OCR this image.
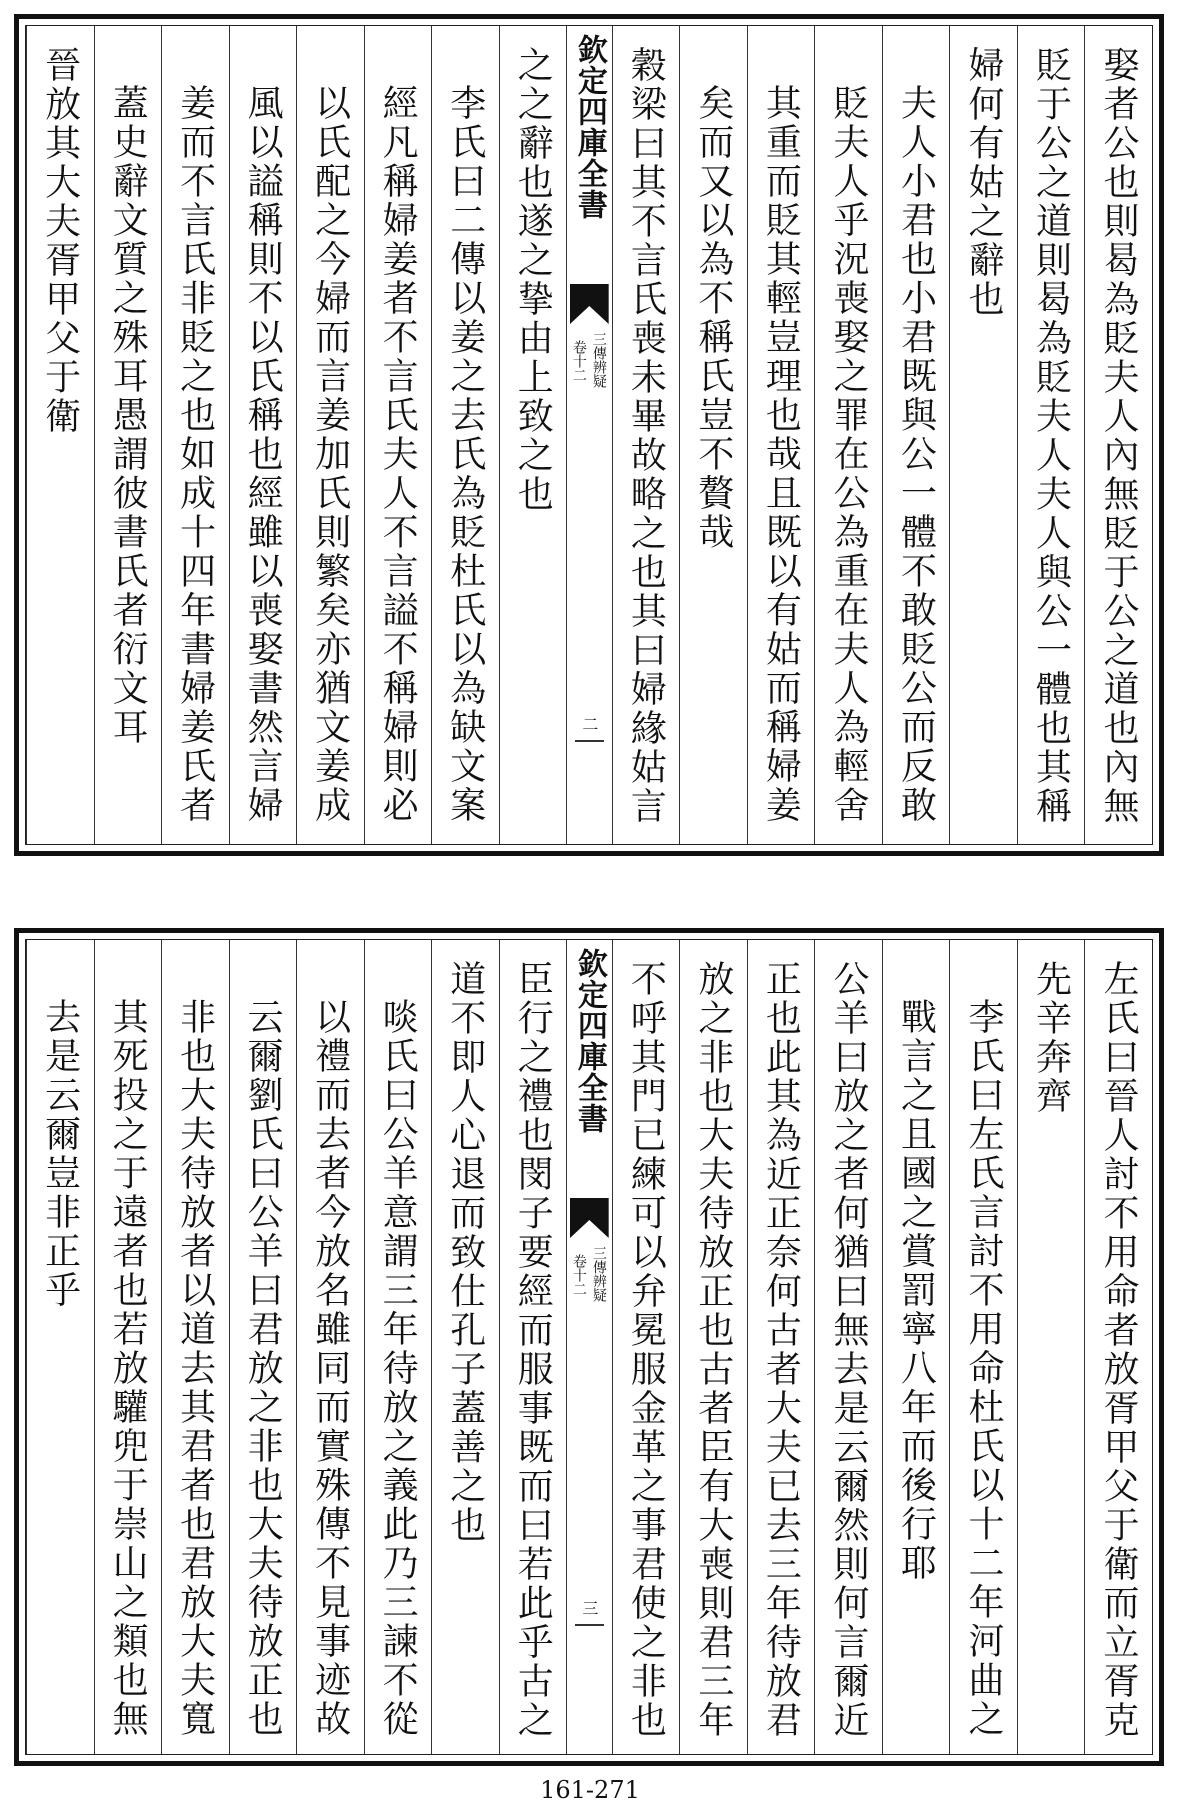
娶者公也則曷為貶夫人內無貶于公之道也內無
貶于公之道則曷為貶夫人夫人與公一體也其稱
婦何有姑之辭也
夫人小君也小君既與公一體不敢貶公而反敢
貶夫人乎況喪娶之罪在公為重在夫人為輕舍
其重而貶其輕豈理也哉且既以有姑而稱婦姜
矣而又以為不稱氏豈不贅哉
穀梁曰其不言氏喪未畢故略之也其曰婦緣姑言
欽定四庫全書
三傳辨疑
卷十二
二
之之辭也遂之挚由上致之也
李氏曰二傳以姜之去氏為貶杜氏以為缺文案
經凡稱婦姜者不言氏夫人不言謚不稱婦則必
以氏配之今婦而言姜加氏則繁矣亦猶文姜成
風以謚稱則不以氏稱也經雖以喪娶書然言婦
姜而不言氏非貶之也如成十四年書婦姜氏者
蓋史辭文質之殊耳愚謂彼書氏者衍文耳
晉放其大夫胥甲父于衛
左氏曰晉人討不用命者放胥甲父于衛而立胥克
先辛奔齊
李氏曰左氏言討不用命杜氏以十二年河曲之
戰言之且國之賞罰寧八年而後行耶
公羊曰放之者何猶曰無去是云爾然則何言爾近
正也此其為近正奈何古者大夫已去三年待放君
放之非也大夫待放正也古者臣有大喪則君三年
不呼其門已練可以弁冕服金革之事君使之非也
欽定四庫全書
三傳辨疑
卷十二
三
臣行之禮也閔子要經而服事既而曰若此乎古之
道不即人心退而致仕孔子蓋善之也
啖氏曰公羊意謂三年待放之義此乃三諫不從
以禮而去者今放名雖同而實殊傳不見事迹故
云爾劉氏曰公羊曰君放之非也大夫待放正也
非也大夫待放者以道去其君者也君放大夫寬
其死投之于遠者也若放驩兜于崇山之類也無
去是云爾豈非正乎
161-271
